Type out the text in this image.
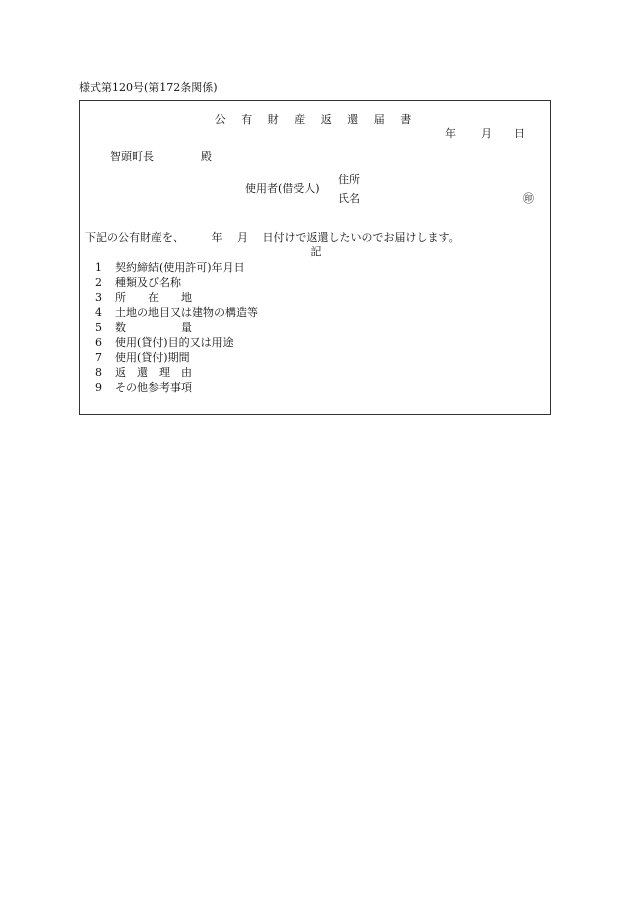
様式第120号(第172条関係)
公 有 財 産 返 還 届 書
年 月 日
智頭町長	殿
使用者(借受人)
住所
氏名	㊞
下記の公有財産を、　　　年　 月　 日付けで返還したいのでお届けします。
記
1 契約締結(使用許可)年月日
2 種類及び名称
3 所　　在　　地
4 土地の地目又は建物の構造等
5 数　　　　　量
6 使用(貸付)目的又は用途
7 使用(貸付)期間
8 返　還　理　由
9 その他参考事項
